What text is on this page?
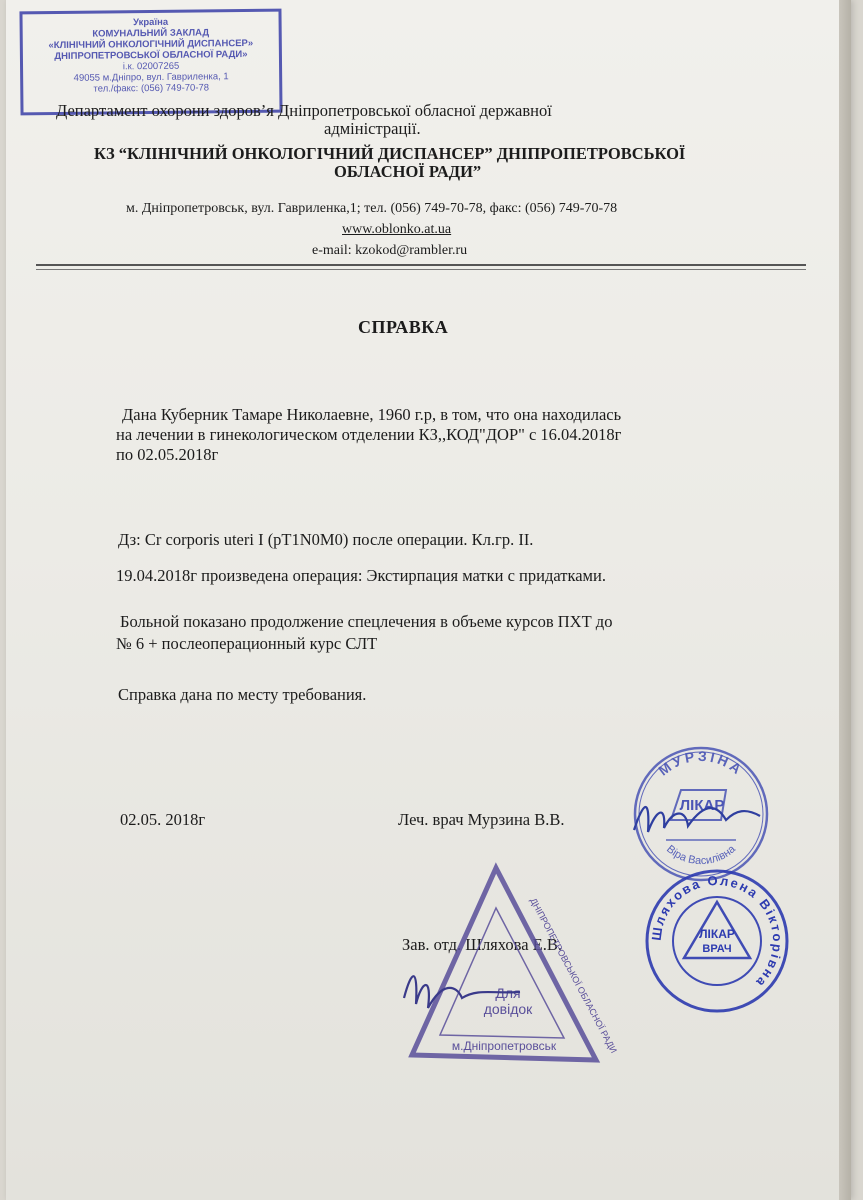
Україна
КОМУНАЛЬНИЙ ЗАКЛАД
«КЛІНІЧНИЙ ОНКОЛОГІЧНИЙ ДИСПАНСЕР»
ДНІПРОПЕТРОВСЬКОЇ ОБЛАСНОЇ РАДИ»
і.к. 02007265
49055 м.Дніпро, вул. Гавриленка, 1
тел./факс: (056) 749-70-78
Департамент охорони здоров’я Дніпропетровської обласної державної
адміністрації.
КЗ “КЛІНІЧНИЙ ОНКОЛОГІЧНИЙ ДИСПАНСЕР” ДНІПРОПЕТРОВСЬКОЇ
ОБЛАСНОЇ РАДИ”
м. Дніпропетровськ, вул. Гавриленка,1; тел. (056) 749-70-78, факс: (056) 749-70-78
www.oblonko.at.ua
e-mail: kzokod@rambler.ru
СПРАВКА
Дана Куберник Тамаре Николаевне, 1960 г.р, в том, что она находилась
на лечении в гинекологическом отделении КЗ,,КОД"ДОР" с 16.04.2018г
по 02.05.2018г
Дз: Cr corporis uteri I (pT1N0M0) после операции. Кл.гр. II.
19.04.2018г произведена операция: Экстирпация матки с придатками.
Больной показано продолжение спецлечения в объеме курсов ПХТ до
№ 6 + послеоперационный курс СЛТ
Справка дана по месту требования.
02.05. 2018г	Леч. врач Мурзина В.В.
Зав. отд. Шляхова Е.В.
МУРЗІНА
ЛІКАР
Віра Василівна
Для
довідок
м.Дніпропетровськ
ДНІПРОПЕТРОВСЬКОЇ ОБЛАСНОЇ РАДИ Шляхова Олена Вікторівна
ЛІКАР
ВРАЧ
